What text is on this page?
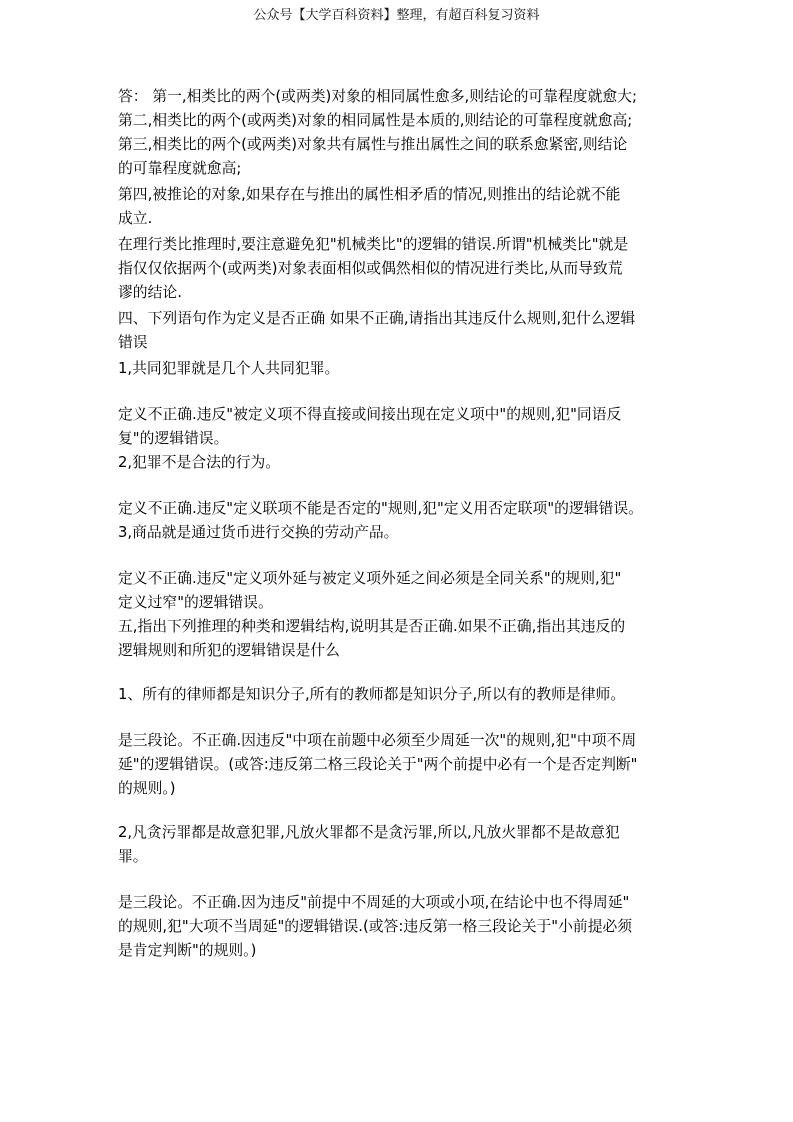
公众号【大学百科资料】整理，有超百科复习资料
答： 第一,相类比的两个(或两类)对象的相同属性愈多,则结论的可靠程度就愈大;
第二,相类比的两个(或两类)对象的相同属性是本质的,则结论的可靠程度就愈高;
第三,相类比的两个(或两类)对象共有属性与推出属性之间的联系愈紧密,则结论
的可靠程度就愈高;
第四,被推论的对象,如果存在与推出的属性相矛盾的情况,则推出的结论就不能
成立.
在理行类比推理时,要注意避免犯"机械类比"的逻辑的错误.所谓"机械类比"就是
指仅仅依据两个(或两类)对象表面相似或偶然相似的情况进行类比,从而导致荒
谬的结论.
四、下列语句作为定义是否正确 如果不正确,请指出其违反什么规则,犯什么逻辑
错误
1,共同犯罪就是几个人共同犯罪。
定义不正确.违反"被定义项不得直接或间接出现在定义项中"的规则,犯"同语反
复"的逻辑错误。
2,犯罪不是合法的行为。
定义不正确.违反"定义联项不能是否定的"规则,犯"定义用否定联项"的逻辑错误。
3,商品就是通过货币进行交换的劳动产品。
定义不正确.违反"定义项外延与被定义项外延之间必须是全同关系"的规则,犯"
定义过窄"的逻辑错误。
五,指出下列推理的种类和逻辑结构,说明其是否正确.如果不正确,指出其违反的
逻辑规则和所犯的逻辑错误是什么
1、所有的律师都是知识分子,所有的教师都是知识分子,所以有的教师是律师。
是三段论。不正确.因违反"中项在前题中必须至少周延一次"的规则,犯"中项不周
延"的逻辑错误。(或答:违反第二格三段论关于"两个前提中必有一个是否定判断"
的规则。)
2,凡贪污罪都是故意犯罪,凡放火罪都不是贪污罪,所以,凡放火罪都不是故意犯
罪。
是三段论。不正确.因为违反"前提中不周延的大项或小项,在结论中也不得周延"
的规则,犯"大项不当周延"的逻辑错误.(或答:违反第一格三段论关于"小前提必须
是肯定判断"的规则。)
